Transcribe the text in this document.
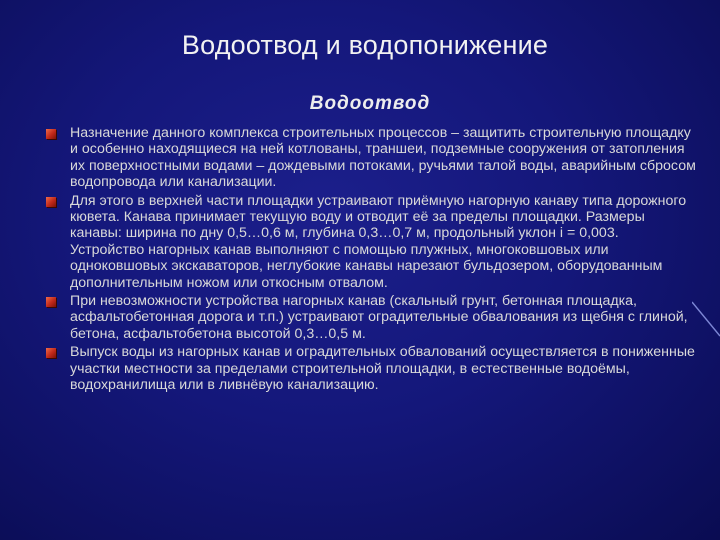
Водоотвод и водопонижение
Водоотвод
Назначение данного комплекса строительных процессов – защитить строительную площадку и особенно находящиеся на ней котлованы, траншеи, подземные сооружения от затопления их поверхностными водами – дождевыми потоками, ручьями талой воды, аварийным сбросом водопровода или канализации.
Для этого в верхней части площадки устраивают приёмную нагорную канаву типа дорожного кювета. Канава принимает текущую воду и отводит её за пределы площадки. Размеры канавы: ширина по дну 0,5…0,6 м, глубина 0,3…0,7 м, продольный уклон i = 0,003. Устройство нагорных канав выполняют с помощью плужных, многоковшовых или одноковшовых экскаваторов, неглубокие канавы нарезают бульдозером, оборудованным дополнительным ножом или откосным отвалом.
При невозможности устройства нагорных канав (скальный грунт, бетонная площадка, асфальтобетонная дорога и т.п.) устраивают оградительные обвалования из щебня с глиной, бетона, асфальтобетона высотой 0,3…0,5 м.
Выпуск воды из нагорных канав и оградительных обвалований осуществляется в пониженные участки местности за пределами строительной площадки, в естественные водоёмы, водохранилища или в ливнёвую канализацию.
